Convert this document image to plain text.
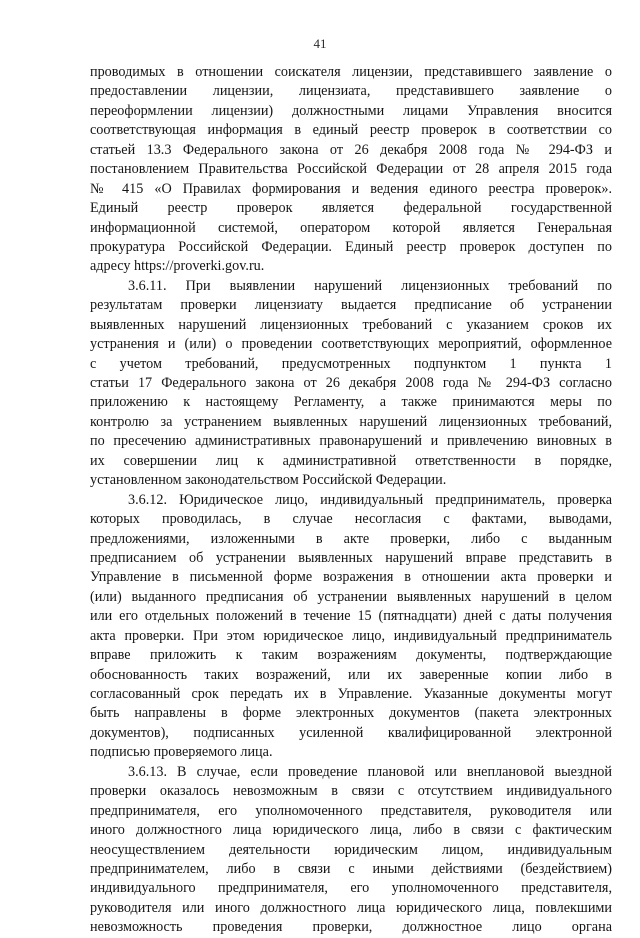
41
проводимых в отношении соискателя лицензии, представившего заявление о
предоставлении лицензии, лицензиата, представившего заявление о
переоформлении лицензии) должностными лицами Управления вносится
соответствующая информация в единый реестр проверок в соответствии со
статьей 13.3 Федерального закона от 26 декабря 2008 года № 294-ФЗ и
постановлением Правительства Российской Федерации от 28 апреля 2015 года
№ 415 «О Правилах формирования и ведения единого реестра проверок».
Единый реестр проверок является федеральной государственной
информационной системой, оператором которой является Генеральная
прокуратура Российской Федерации. Единый реестр проверок доступен по
адресу https://proverki.gov.ru.
3.6.11. При выявлении нарушений лицензионных требований по
результатам проверки лицензиату выдается предписание об устранении
выявленных нарушений лицензионных требований с указанием сроков их
устранения и (или) о проведении соответствующих мероприятий, оформленное
с учетом требований, предусмотренных подпунктом 1 пункта 1
статьи 17 Федерального закона от 26 декабря 2008 года № 294-ФЗ согласно
приложению к настоящему Регламенту, а также принимаются меры по
контролю за устранением выявленных нарушений лицензионных требований,
по пресечению административных правонарушений и привлечению виновных в
их совершении лиц к административной ответственности в порядке,
установленном законодательством Российской Федерации.
3.6.12. Юридическое лицо, индивидуальный предприниматель, проверка
которых проводилась, в случае несогласия с фактами, выводами,
предложениями, изложенными в акте проверки, либо с выданным
предписанием об устранении выявленных нарушений вправе представить в
Управление в письменной форме возражения в отношении акта проверки и
(или) выданного предписания об устранении выявленных нарушений в целом
или его отдельных положений в течение 15 (пятнадцати) дней с даты получения
акта проверки. При этом юридическое лицо, индивидуальный предприниматель
вправе приложить к таким возражениям документы, подтверждающие
обоснованность таких возражений, или их заверенные копии либо в
согласованный срок передать их в Управление. Указанные документы могут
быть направлены в форме электронных документов (пакета электронных
документов), подписанных усиленной квалифицированной электронной
подписью проверяемого лица.
3.6.13. В случае, если проведение плановой или внеплановой выездной
проверки оказалось невозможным в связи с отсутствием индивидуального
предпринимателя, его уполномоченного представителя, руководителя или
иного должностного лица юридического лица, либо в связи с фактическим
неосуществлением деятельности юридическим лицом, индивидуальным
предпринимателем, либо в связи с иными действиями (бездействием)
индивидуального предпринимателя, его уполномоченного представителя,
руководителя или иного должностного лица юридического лица, повлекшими
невозможность проведения проверки, должностное лицо органа
